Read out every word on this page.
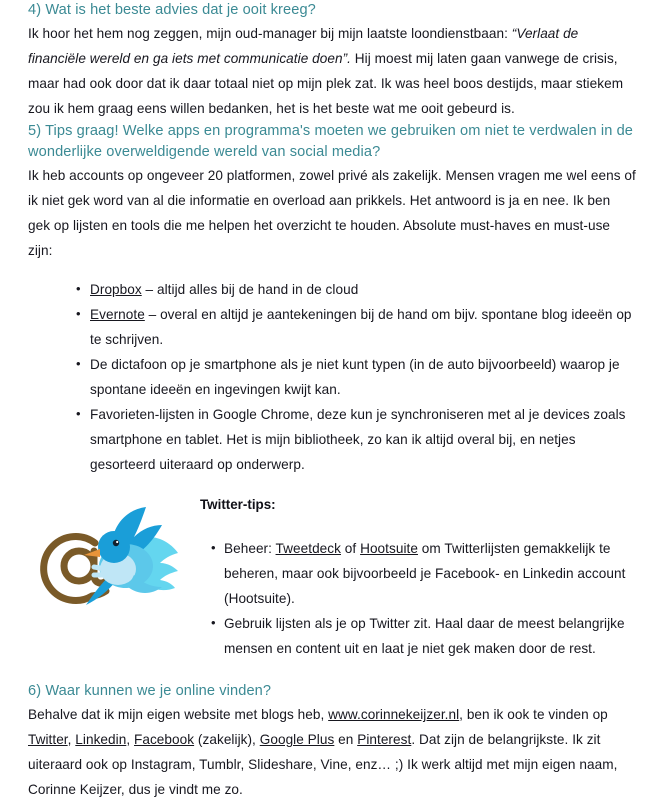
4) Wat is het beste advies dat je ooit kreeg?

Ik hoor het hem nog zeggen, mijn oud-manager bij mijn laatste loondienstbaan: “Verlaat de financiële wereld en ga iets met communicatie doen”. Hij moest mij laten gaan vanwege de crisis, maar had ook door dat ik daar totaal niet op mijn plek zat. Ik was heel boos destijds, maar stiekem zou ik hem graag eens willen bedanken, het is het beste wat me ooit gebeurd is.

5) Tips graag! Welke apps en programma's moeten we gebruiken om niet te verdwalen in de wonderlijke overweldigende wereld van social media?

Ik heb accounts op ongeveer 20 platformen, zowel privé als zakelijk. Mensen vragen me wel eens of ik niet gek word van al die informatie en overload aan prikkels. Het antwoord is ja en nee. Ik ben gek op lijsten en tools die me helpen het overzicht te houden. Absolute must-haves en must-use zijn:

• Dropbox – altijd alles bij de hand in de cloud
• Evernote – overal en altijd je aantekeningen bij de hand om bijv. spontane blog ideeën op te schrijven.
• De dictafoon op je smartphone als je niet kunt typen (in de auto bijvoorbeeld) waarop je spontane ideeën en ingevingen kwijt kan.
• Favorieten-lijsten in Google Chrome, deze kun je synchroniseren met al je devices zoals smartphone en tablet. Het is mijn bibliotheek, zo kan ik altijd overal bij, en netjes gesorteerd uiteraard op onderwerp.
Twitter-tips:
• Beheer: Tweetdeck of Hootsuite om Twitterlijsten gemakkelijk te beheren, maar ook bijvoorbeeld je Facebook- en Linkedin account (Hootsuite).
• Gebruik lijsten als je op Twitter zit. Haal daar de meest belangrijke mensen en content uit en laat je niet gek maken door de rest.
6) Waar kunnen we je online vinden?

Behalve dat ik mijn eigen website met blogs heb, www.corinnekeijzer.nl, ben ik ook te vinden op Twitter, Linkedin, Facebook (zakelijk), Google Plus en Pinterest. Dat zijn de belangrijkste. Ik zit uiteraard ook op Instagram, Tumblr, Slideshare, Vine, enz… ;) Ik werk altijd met mijn eigen naam, Corinne Keijzer, dus je vindt me zo.
